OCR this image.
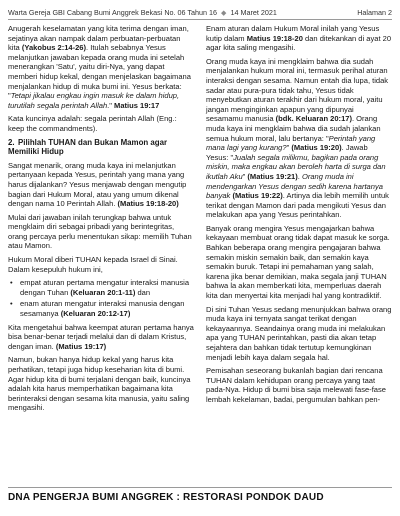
Warta Gereja GBI Cabang Bumi Anggrek Bekasi No. 06 Tahun 16 ◆ 14 Maret 2021	Halaman 2

Anugerah keselamatan yang kita terima dengan iman, sejatinya akan nampak dalam perbuatan-perbuatan kita (Yakobus 2:14-26). Itulah sebabnya Yesus melanjutkan jawaban kepada orang muda ini setelah menerangkan 'Satu', yaitu diri-Nya, yang dapat memberi hidup kekal, dengan menjelaskan bagaimana menjalankan hidup di muka bumi ini. Yesus berkata: "Tetapi jikalau engkau ingin masuk ke dalam hidup, turutilah segala perintah Allah." Matius 19:17

Kata kuncinya adalah: segala perintah Allah (Eng.: keep the commandments).

2. Pilihlah TUHAN dan Bukan Mamon agar Memiliki Hidup

Sangat menarik, orang muda kaya ini melanjutkan pertanyaan kepada Yesus, perintah yang mana yang harus dijalankan? Yesus menjawab dengan mengutip bagian dari Hukum Moral, atau yang umum dikenal dengan nama 10 Perintah Allah. (Matius 19:18-20)

Mulai dari jawaban inilah terungkap bahwa untuk mengklaim diri sebagai pribadi yang berintegritas, orang percaya perlu menentukan sikap: memilih Tuhan atau Mamon.

Hukum Moral diberi TUHAN kepada Israel di Sinai. Dalam kesepuluh hukum ini,

• empat aturan pertama mengatur interaksi manusia dengan Tuhan (Keluaran 20:1-11) dan
• enam aturan mengatur interaksi manusia dengan sesamanya (Keluaran 20:12-17)

Kita mengetahui bahwa keempat aturan pertama hanya bisa benar-benar terjadi melalui dan di dalam Kristus, dengan iman. (Matius 19:17)

Namun, bukan hanya hidup kekal yang harus kita perhatikan, tetapi juga hidup keseharian kita di bumi. Agar hidup kita di bumi terjalani dengan baik, kuncinya adalah kita harus memperhatikan bagaimana kita berinteraksi dengan sesama kita manusia, yaitu saling mengasihi.

Enam aturan dalam Hukum Moral inilah yang Yesus kutip dalam Matius 19:18-20 dan ditekankan di ayat 20 agar kita saling mengasihi.

Orang muda kaya ini mengklaim bahwa dia sudah menjalankan hukum moral ini, termasuk perihal aturan interaksi dengan sesama. Namun entah dia lupa, tidak sadar atau pura-pura tidak tahu, Yesus tidak menyebutkan aturan terakhir dari hukum moral, yaitu jangan menginginkan apapun yang dipunyai sesamamu manusia (bdk. Keluaran 20:17). Orang muda kaya ini mengklaim bahwa dia sudah jalankan semua hukum moral, lalu bertanya: "Perintah yang mana lagi yang kurang?" (Matius 19:20). Jawab Yesus: "Jualah segala milikmu, bagikan pada orang miskin, maka engkau akan beroleh harta di surga dan ikutlah Aku" (Matius 19:21). Orang muda ini mendengarkan Yesus dengan sedih karena hartanya banyak (Matius 19:22). Artinya dia lebih memilih untuk terikat dengan Mamon dari pada mengikuti Yesus dan melakukan apa yang Yesus perintahkan.

Banyak orang mengira Yesus mengajarkan bahwa kekayaan membuat orang tidak dapat masuk ke sorga. Bahkan beberapa orang mengira pengajaran bahwa semakin miskin semakin baik, dan semakin kaya semakin buruk. Tetapi ini pemahaman yang salah, karena jika benar demikian, maka segala janji TUHAN bahwa la akan memberkati kita, memperluas daerah kita dan menyertai kita menjadi hal yang kontradiktif.

Di sini Tuhan Yesus sedang menunjukkan bahwa orang muda kaya ini ternyata sangat terikat dengan kekayaannya. Seandainya orang muda ini melakukan apa yang TUHAN perintahkan, pasti dia akan tetap sejahtera dan bahkan tidak tertutup kemungkinan menjadi lebih kaya dalam segala hal.

Pemisahan seseorang bukanlah bagian dari rencana TUHAN dalam kehidupan orang percaya yang taat pada-Nya. Hidup di bumi bisa saja melewati fase-fase lembah kekelaman, badai, pergumulan bahkan pen-

DNA PENGERJA BUMI ANGGREK : RESTORASI PONDOK DAUD
